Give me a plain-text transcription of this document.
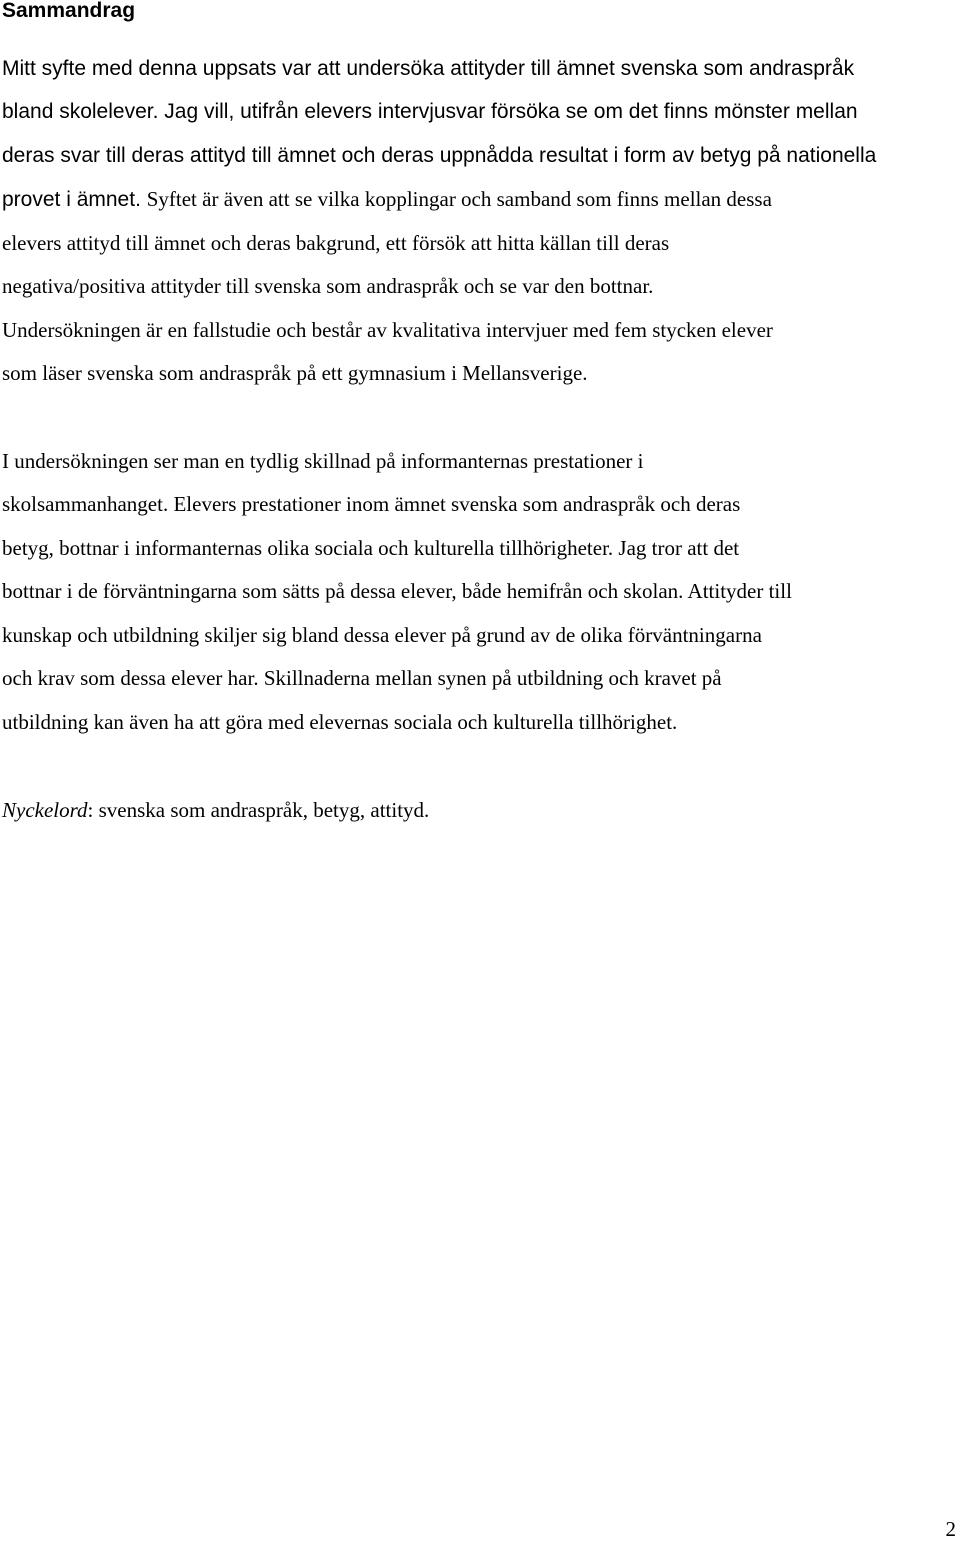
Sammandrag

Mitt syfte med denna uppsats var att undersöka attityder till ämnet svenska som andraspråk

bland skolelever. Jag vill, utifrån elevers intervjusvar försöka se om det finns mönster mellan

deras svar till deras attityd till ämnet och deras uppnådda resultat i form av betyg på nationella

provet i ämnet. Syftet är även att se vilka kopplingar och samband som finns mellan dessa

elevers attityd till ämnet och deras bakgrund, ett försök att hitta källan till deras

negativa/positiva attityder till svenska som andraspråk och se var den bottnar.

Undersökningen är en fallstudie och består av kvalitativa intervjuer med fem stycken elever

som läser svenska som andraspråk på ett gymnasium i Mellansverige.

I undersökningen ser man en tydlig skillnad på informanternas prestationer i

skolsammanhanget. Elevers prestationer inom ämnet svenska som andraspråk och deras

betyg, bottnar i informanternas olika sociala och kulturella tillhörigheter. Jag tror att det

bottnar i de förväntningarna som sätts på dessa elever, både hemifrån och skolan. Attityder till

kunskap och utbildning skiljer sig bland dessa elever på grund av de olika förväntningarna

och krav som dessa elever har. Skillnaderna mellan synen på utbildning och kravet på

utbildning kan även ha att göra med elevernas sociala och kulturella tillhörighet.

Nyckelord: svenska som andraspråk, betyg, attityd.

2
